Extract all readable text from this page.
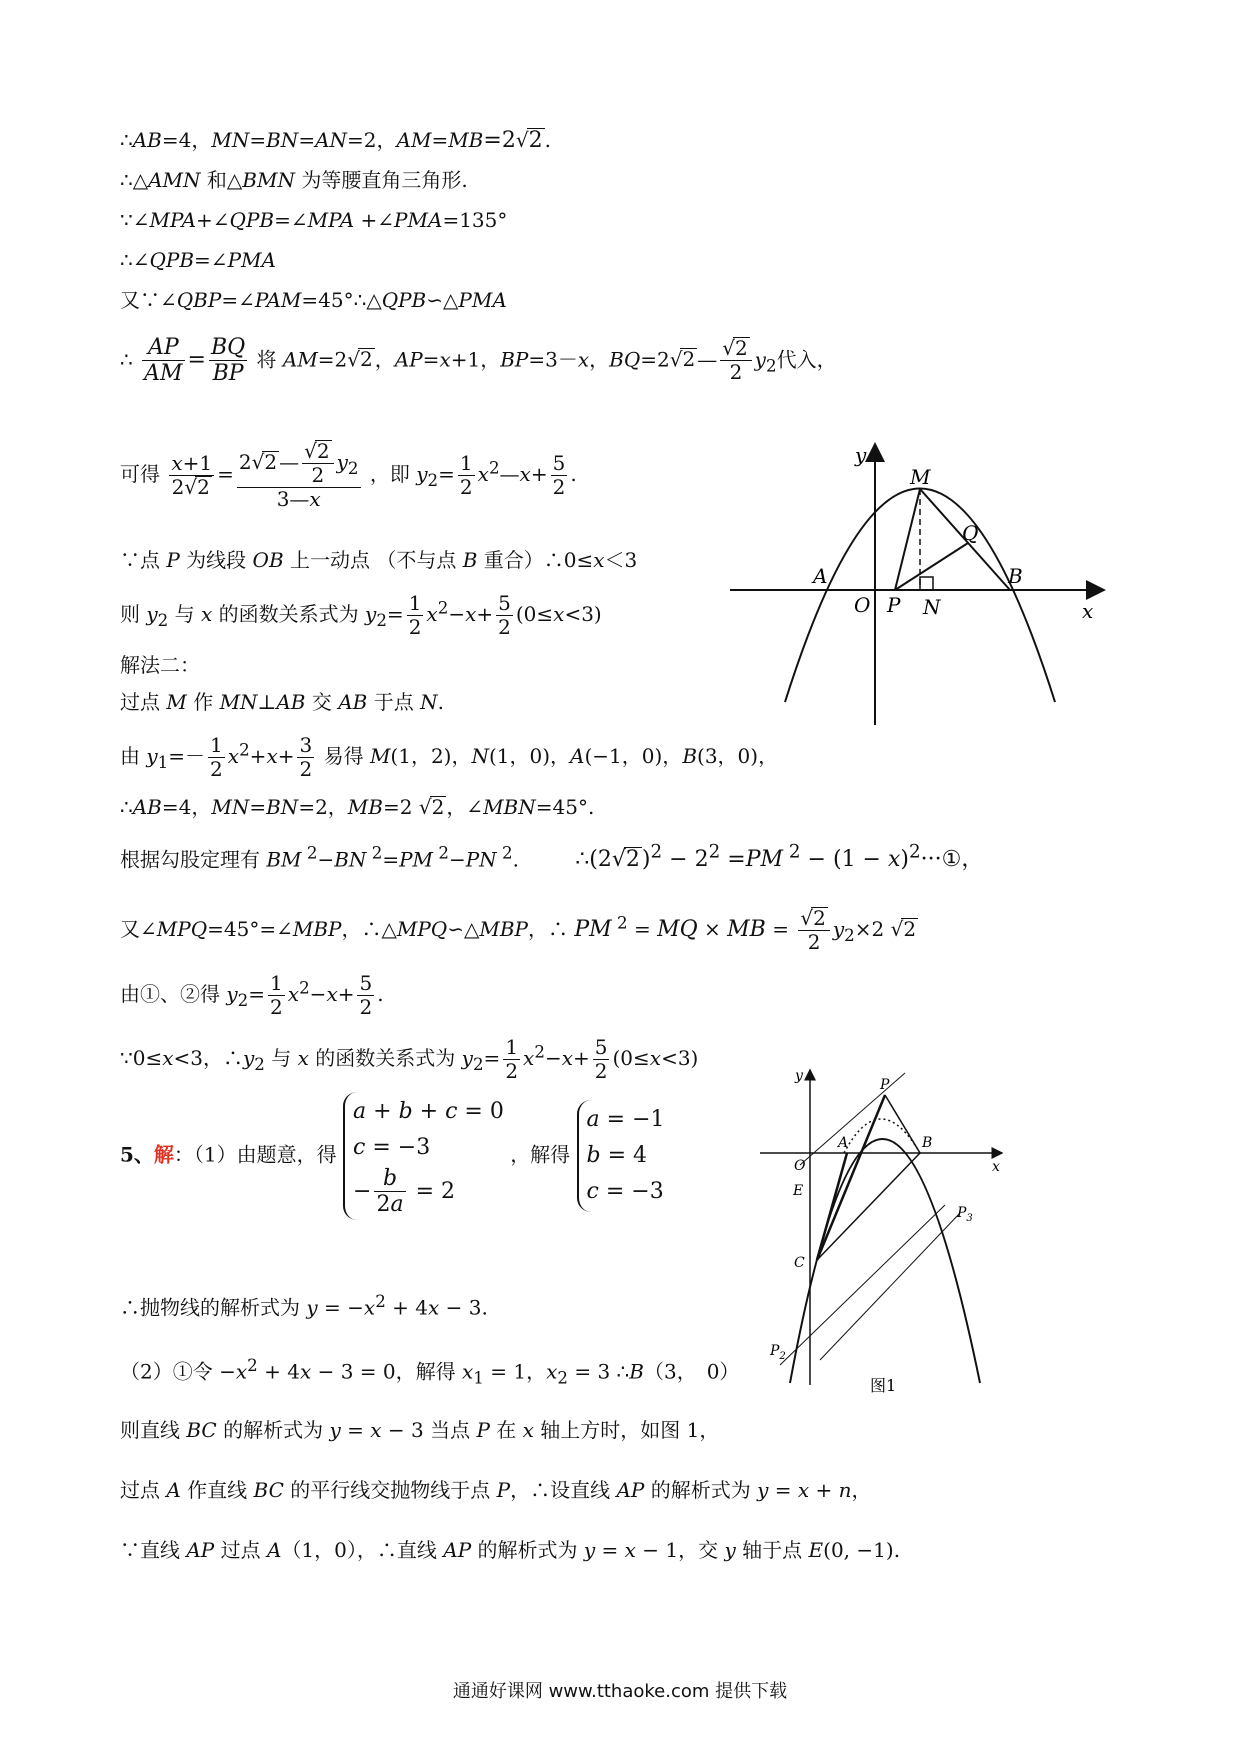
∴AB=4，MN=BN=AN=2，AM=MB=2√2 .
∴△AMN 和△BMN 为等腰直角三角形.
∵∠MPA+∠QPB=∠MPA +∠PMA=135°
∴∠QPB=∠PMA
又∵∠QBP=∠PAM=45°∴△QPB∽△PMA
∴ $\frac{AP}{AM} = \frac{BQ}{BP}$ 将 AM=2√2 ，AP=x+1，BP=3－x，BQ=2√2 — $\frac{√2}{2} y_2$代入，
可得 $\frac{x+1}{2√2} = \frac{2√2 — \frac{√2}{2} y_2}{3—x}$ ，即 $y_2= \frac{1}{2}$ $x^2—x+ \frac{5}{2}$ .
∵点 P 为线段 OB 上一动点 （不与点 B 重合）∴0≤x＜3
则 $y_2$ 与 x 的函数关系式为 $y_2= \frac{1}{2} x^2-x+ \frac{5}{2} (0\le x<3)$
解法二：
过点 M 作 MN⊥AB 交 AB 于点 N.
由 $y_1=- \frac{1}{2} x^2+x+ \frac{3}{2}$ 易得 M(1，2)，N(1，0)，A(−1，0)，B(3，0)，
∴AB=4，MN=BN=2，MB=2 √2 ，∠MBN=45°.
根据勾股定理有 BM $^2$−BN $^2$=PM $^2$−PN $^2$.	$\therefore(2√2)^2 - 2^2 =PM$ $^2 - (1 - x)^2\cdot\cdot\cdot ①$，
又∠MPQ=45°=∠MBP，∴△MPQ∽△MBP，∴ PM $^2$ = MQ × MB = $\frac{√2}{2} y_2\times 2$ √2
由①、②得 $y_2= \frac{1}{2} x^2-x+ \frac{5}{2}$ .
∵0≤x<3，$\therefore y_2$ 与 x 的函数关系式为 $y_2= \frac{1}{2} x^2-x+ \frac{5}{2} (0\le x<3)$
5、解：（1）由题意，得
a + b + c = 0
c = −3
− $\frac{b}{2a} = 2$
，解得
a = −1
b = 4
c = −3
∴抛物线的解析式为 $y = -x^2 + 4x - 3$.
（2）①令 $-x^2 + 4x - 3 = 0$，解得 $x_1 = 1$，$x_2 = 3$ ∴B（3，　0）
则直线 BC 的解析式为 y = x − 3 当点 P 在 x 轴上方时，如图 1，
过点 A 作直线 BC 的平行线交抛物线于点 P，∴设直线 AP 的解析式为 y = x + n，
∵直线 AP 过点 A（1，0），∴直线 AP 的解析式为 y = x − 1，交 y 轴于点 E(0, −1).
y
x
M
Q
A
O P N
B
y
x
P
A	B
O
E
C
$P_2$
$P_3$
图1
通通好课网 www.tthaoke.com 提供下载
